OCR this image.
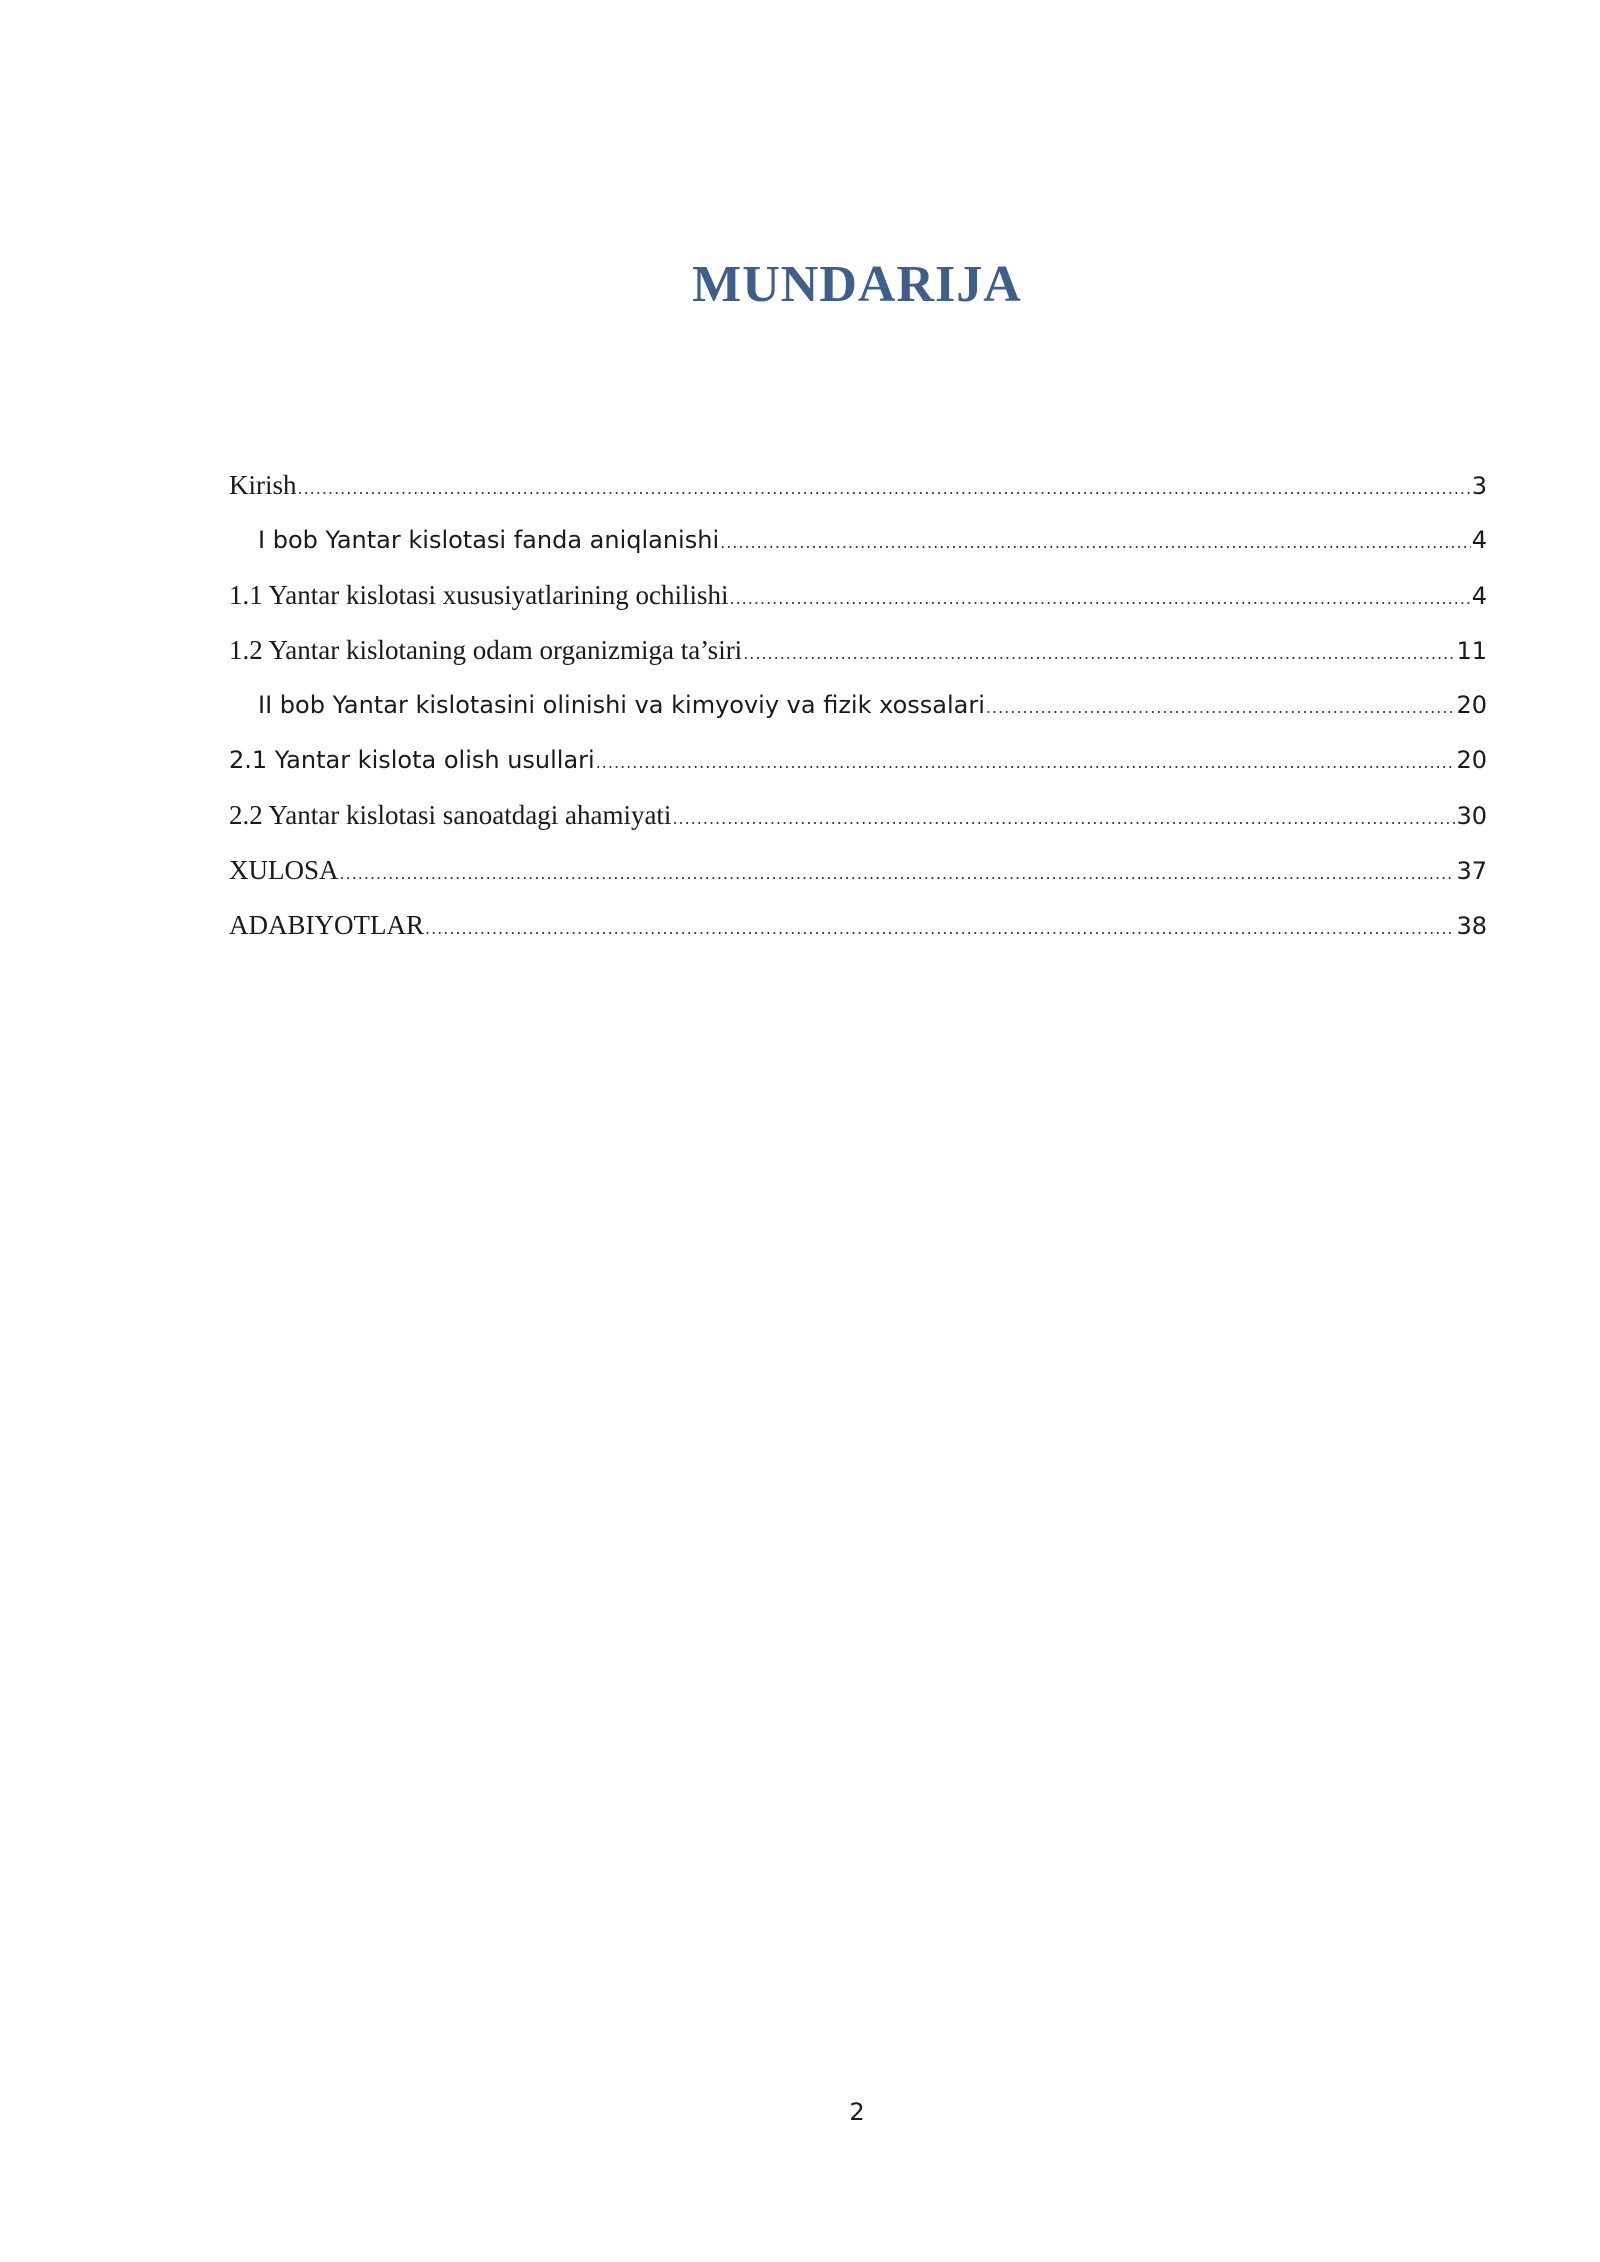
MUNDARIJA
Kirish .....	3
I bob Yantar kislotasi fanda aniqlanishi .....	4
1.1 Yantar kislotasi xususiyatlarining ochilishi .....	4
1.2 Yantar kislotaning odam organizmiga ta’siri .....	11
II bob Yantar kislotasini olinishi va kimyoviy va fizik xossalari .....	20
2.1 Yantar kislota olish usullari .....	20
2.2 Yantar kislotasi sanoatdagi ahamiyati .....	30
XULOSA .....	37
ADABIYOTLAR .....	38
2
